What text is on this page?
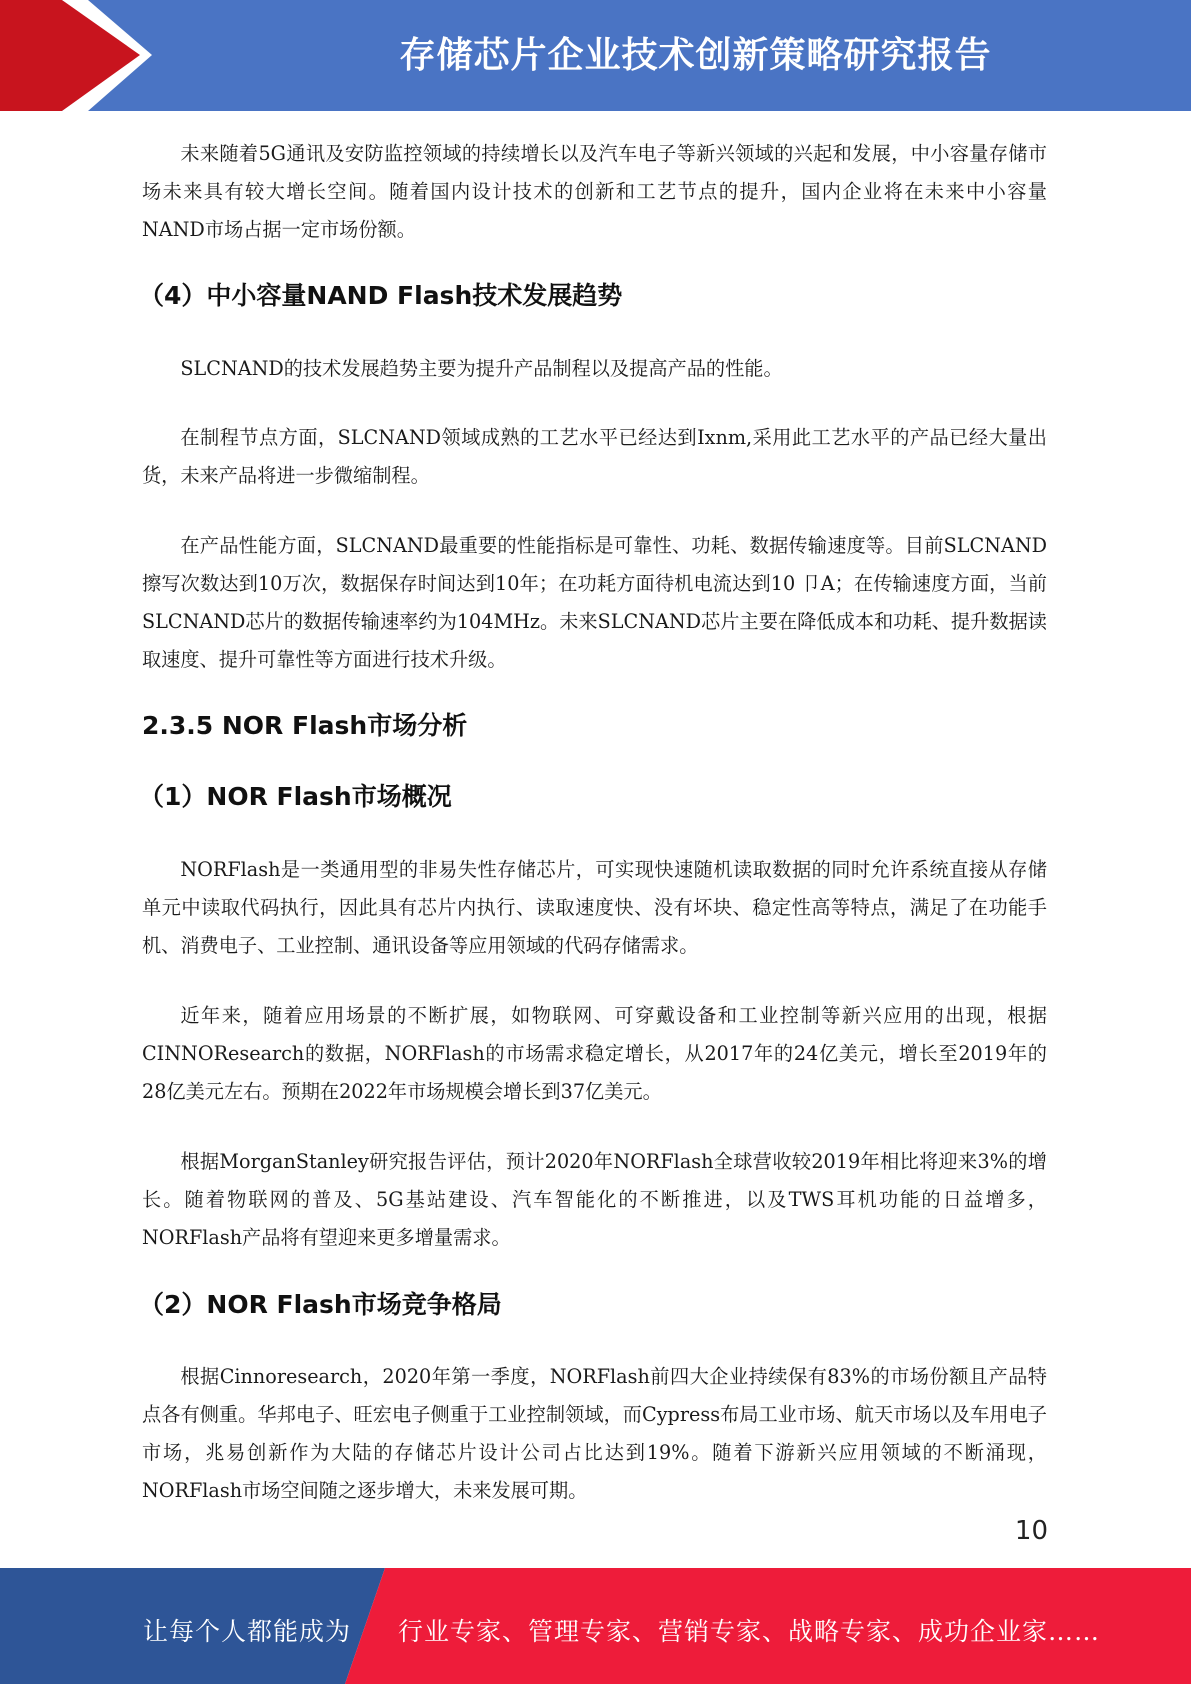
存储芯片企业技术创新策略研究报告

未来随着5G通讯及安防监控领域的持续增长以及汽车电子等新兴领域的兴起和发展，中小容量存储市场未来具有较大增长空间。随着国内设计技术的创新和工艺节点的提升，国内企业将在未来中小容量NAND市场占据一定市场份额。

（4）中小容量NAND Flash技术发展趋势

SLCNAND的技术发展趋势主要为提升产品制程以及提高产品的性能。

在制程节点方面，SLCNAND领域成熟的工艺水平已经达到Ixnm,采用此工艺水平的产品已经大量出货，未来产品将进一步微缩制程。

在产品性能方面，SLCNAND最重要的性能指标是可靠性、功耗、数据传输速度等。目前SLCNAND擦写次数达到10万次，数据保存时间达到10年；在功耗方面待机电流达到10 卩A；在传输速度方面，当前SLCNAND芯片的数据传输速率约为104MHz。未来SLCNAND芯片主要在降低成本和功耗、提升数据读取速度、提升可靠性等方面进行技术升级。

2.3.5 NOR Flash市场分析
（1）NOR Flash市场概况

NORFlash是一类通用型的非易失性存储芯片，可实现快速随机读取数据的同时允许系统直接从存储单元中读取代码执行，因此具有芯片内执行、读取速度快、没有坏块、稳定性高等特点，满足了在功能手机、消费电子、工业控制、通讯设备等应用领域的代码存储需求。

近年来，随着应用场景的不断扩展，如物联网、可穿戴设备和工业控制等新兴应用的出现，根据CINNOResearch的数据，NORFlash的市场需求稳定增长，从2017年的24亿美元，增长至2019年的28亿美元左右。预期在2022年市场规模会增长到37亿美元。

根据MorganStanley研究报告评估，预计2020年NORFlash全球营收较2019年相比将迎来3%的增长。随着物联网的普及、5G基站建设、汽车智能化的不断推进，以及TWS耳机功能的日益增多，NORFlash产品将有望迎来更多增量需求。

（2）NOR Flash市场竞争格局

根据Cinnoresearch，2020年第一季度，NORFlash前四大企业持续保有83%的市场份额且产品特点各有侧重。华邦电子、旺宏电子侧重于工业控制领域，而Cypress布局工业市场、航天市场以及车用电子市场，兆易创新作为大陆的存储芯片设计公司占比达到19%。随着下游新兴应用领域的不断涌现，NORFlash市场空间随之逐步增大，未来发展可期。

10
让每个人都能成为 行业专家、管理专家、营销专家、战略专家、成功企业家……
